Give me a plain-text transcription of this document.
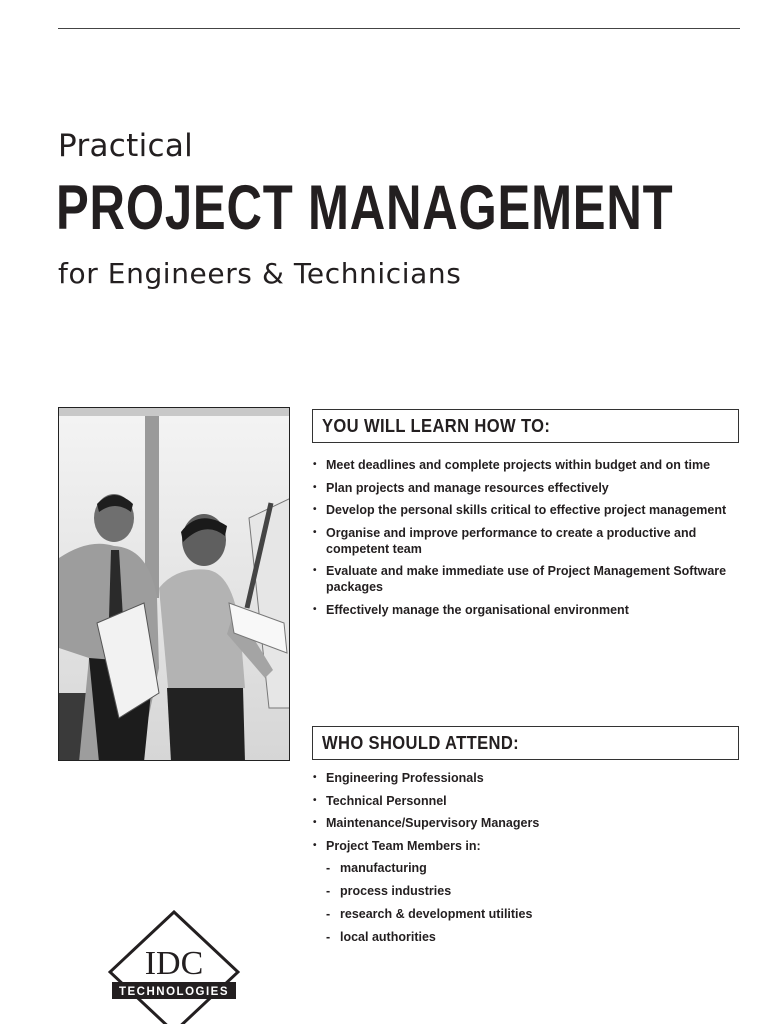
Practical
PROJECT MANAGEMENT
for Engineers & Technicians
YOU WILL LEARN HOW TO:
• Meet deadlines and complete projects within budget and on time
• Plan projects and manage resources effectively
• Develop the personal skills critical to effective project management
• Organise and improve performance to create a productive and competent team
• Evaluate and make immediate use of Project Management Software packages
• Effectively manage the organisational environment
WHO SHOULD ATTEND:
• Engineering Professionals
• Technical Personnel
• Maintenance/Supervisory Managers
• Project Team Members in:
- manufacturing
- process industries
- research & development utilities
- local authorities
IDC
TECHNOLOGIES
